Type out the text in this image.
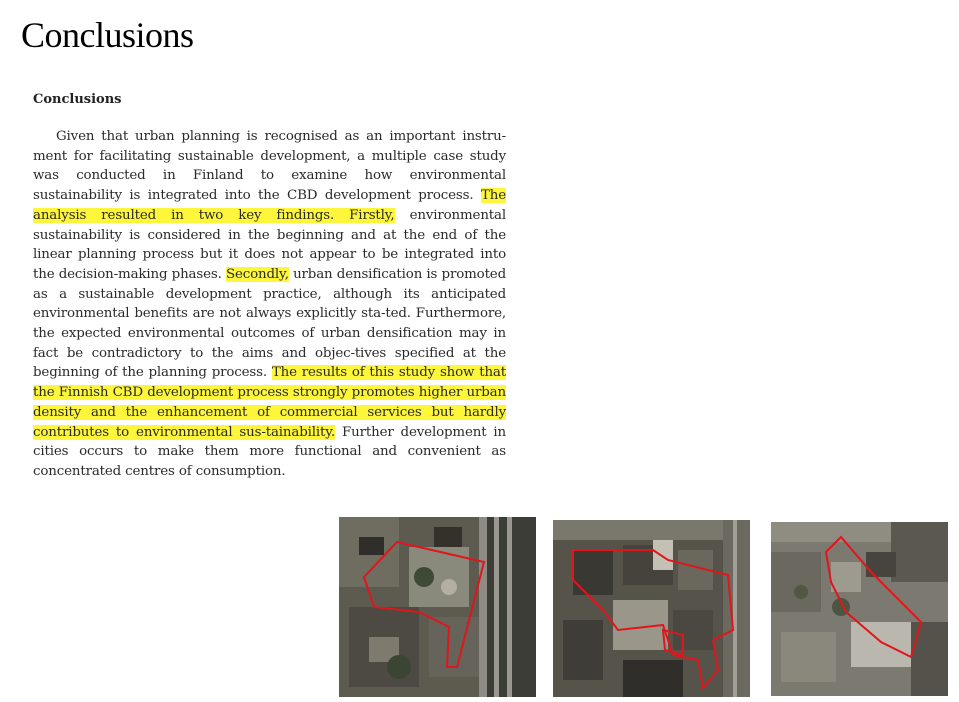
Conclusions
Conclusions

Given that urban planning is recognised as an important instru-ment for facilitating sustainable development, a multiple case study was conducted in Finland to examine how environmental sustainability is integrated into the CBD development process. The analysis resulted in two key findings. Firstly, environmental sustainability is considered in the beginning and at the end of the linear planning process but it does not appear to be integrated into the decision-making phases. Secondly, urban densification is promoted as a sustainable development practice, although its anticipated environmental benefits are not always explicitly sta-ted. Furthermore, the expected environmental outcomes of urban densification may in fact be contradictory to the aims and objec-tives specified at the beginning of the planning process. The results of this study show that the Finnish CBD development process strongly promotes higher urban density and the enhancement of commercial services but hardly contributes to environmental sus-tainability. Further development in cities occurs to make them more functional and convenient as concentrated centres of consumption.
